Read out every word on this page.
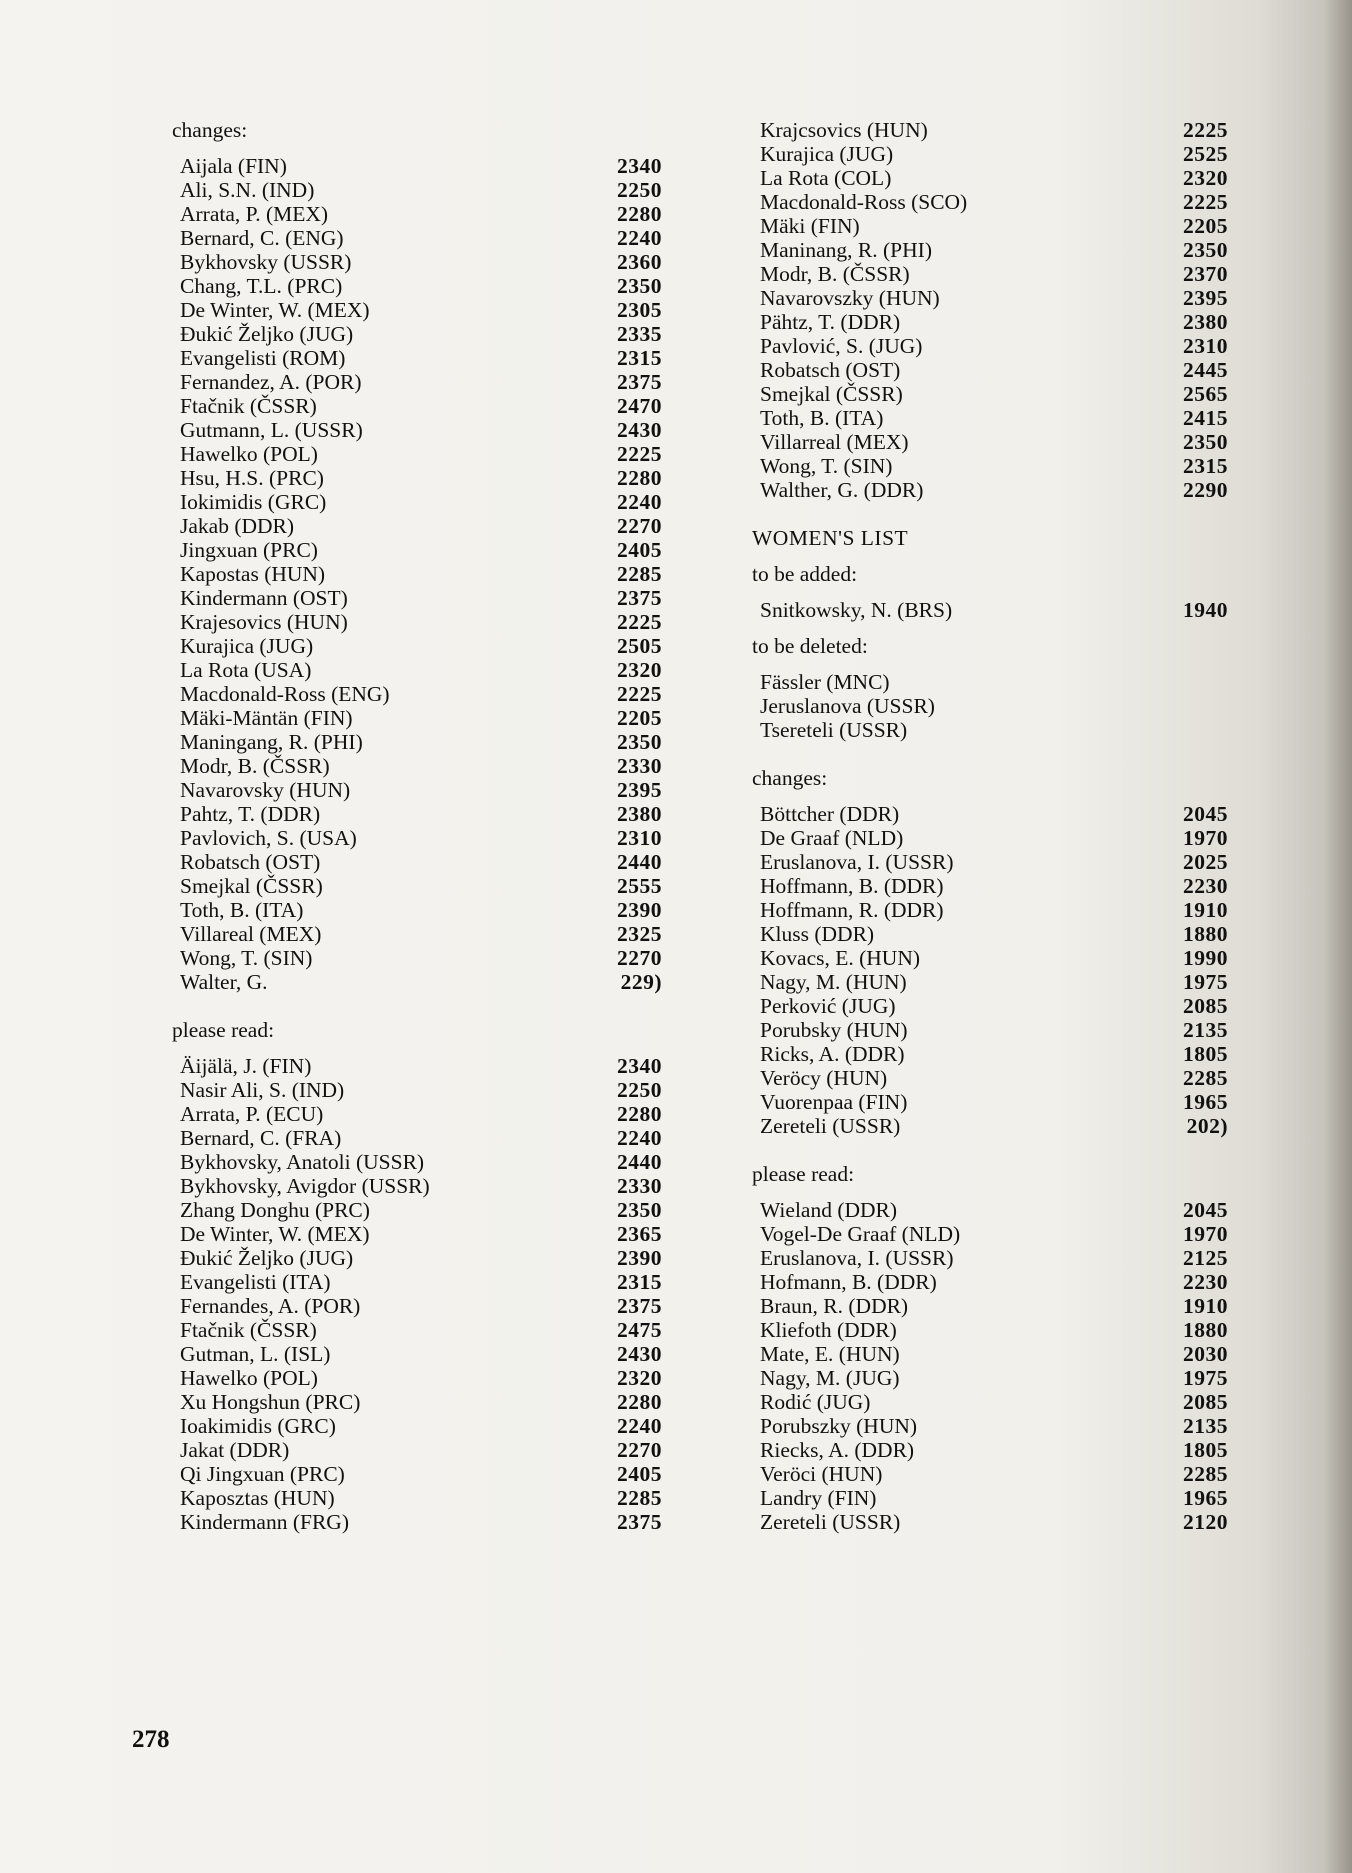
changes:
Aijala (FIN)	2340
Ali, S.N. (IND)	2250
Arrata, P. (MEX)	2280
Bernard, C. (ENG)	2240
Bykhovsky (USSR)	2360
Chang, T.L. (PRC)	2350
De Winter, W. (MEX)	2305
Đukić Željko (JUG)	2335
Evangelisti (ROM)	2315
Fernandez, A. (POR)	2375
Ftačnik (ČSSR)	2470
Gutmann, L. (USSR)	2430
Hawelko (POL)	2225
Hsu, H.S. (PRC)	2280
Iokimidis (GRC)	2240
Jakab (DDR)	2270
Jingxuan (PRC)	2405
Kapostas (HUN)	2285
Kindermann (OST)	2375
Krajesovics (HUN)	2225
Kurajica (JUG)	2505
La Rota (USA)	2320
Macdonald-Ross (ENG)	2225
Mäki-Mäntän (FIN)	2205
Maningang, R. (PHI)	2350
Modr, B. (ČSSR)	2330
Navarovsky (HUN)	2395
Pahtz, T. (DDR)	2380
Pavlovich, S. (USA)	2310
Robatsch (OST)	2440
Smejkal (ČSSR)	2555
Toth, B. (ITA)	2390
Villareal (MEX)	2325
Wong, T. (SIN)	2270
Walter, G.	229)
please read:
Äijälä, J. (FIN)	2340
Nasir Ali, S. (IND)	2250
Arrata, P. (ECU)	2280
Bernard, C. (FRA)	2240
Bykhovsky, Anatoli (USSR)	2440
Bykhovsky, Avigdor (USSR)	2330
Zhang Donghu (PRC)	2350
De Winter, W. (MEX)	2365
Đukić Željko (JUG)	2390
Evangelisti (ITA)	2315
Fernandes, A. (POR)	2375
Ftačnik (ČSSR)	2475
Gutman, L. (ISL)	2430
Hawelko (POL)	2320
Xu Hongshun (PRC)	2280
Ioakimidis (GRC)	2240
Jakat (DDR)	2270
Qi Jingxuan (PRC)	2405
Kaposztas (HUN)	2285
Kindermann (FRG)	2375
Krajcsovics (HUN)	2225
Kurajica (JUG)	2525
La Rota (COL)	2320
Macdonald-Ross (SCO)	2225
Mäki (FIN)	2205
Maninang, R. (PHI)	2350
Modr, B. (ČSSR)	2370
Navarovszky (HUN)	2395
Pähtz, T. (DDR)	2380
Pavlović, S. (JUG)	2310
Robatsch (OST)	2445
Smejkal (ČSSR)	2565
Toth, B. (ITA)	2415
Villarreal (MEX)	2350
Wong, T. (SIN)	2315
Walther, G. (DDR)	2290
WOMEN'S LIST
to be added:
Snitkowsky, N. (BRS)	1940
to be deleted:
Fässler (MNC)
Jeruslanova (USSR)
Tsereteli (USSR)
changes:
Böttcher (DDR)	2045
De Graaf (NLD)	1970
Eruslanova, I. (USSR)	2025
Hoffmann, B. (DDR)	2230
Hoffmann, R. (DDR)	1910
Kluss (DDR)	1880
Kovacs, E. (HUN)	1990
Nagy, M. (HUN)	1975
Perković (JUG)	2085
Porubsky (HUN)	2135
Ricks, A. (DDR)	1805
Veröcy (HUN)	2285
Vuorenpaa (FIN)	1965
Zereteli (USSR)	202)
please read:
Wieland (DDR)	2045
Vogel-De Graaf (NLD)	1970
Eruslanova, I. (USSR)	2125
Hofmann, B. (DDR)	2230
Braun, R. (DDR)	1910
Kliefoth (DDR)	1880
Mate, E. (HUN)	2030
Nagy, M. (JUG)	1975
Rodić (JUG)	2085
Porubszky (HUN)	2135
Riecks, A. (DDR)	1805
Veröci (HUN)	2285
Landry (FIN)	1965
Zereteli (USSR)	2120
278
